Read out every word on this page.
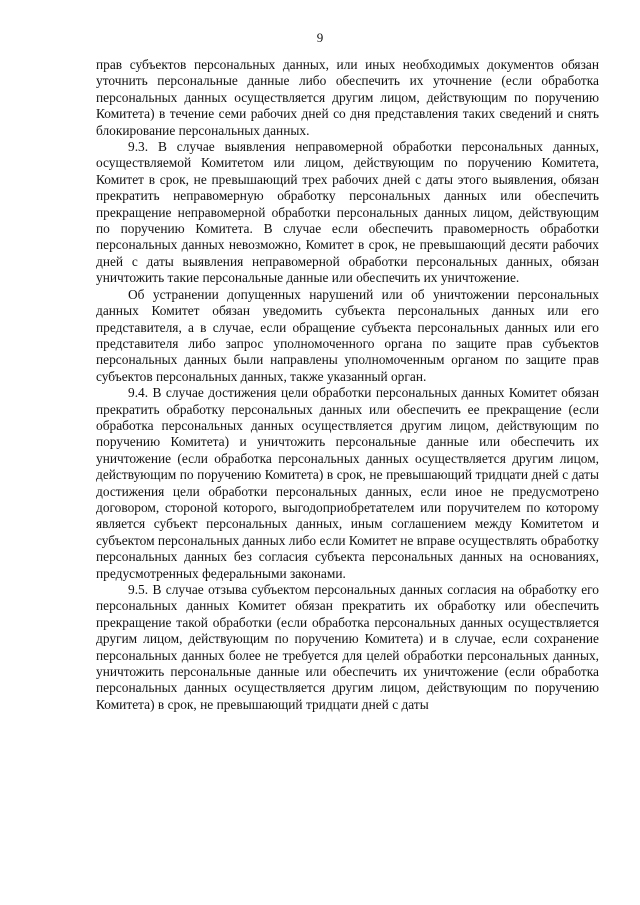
9

прав субъектов персональных данных, или иных необходимых документов обязан уточнить персональные данные либо обеспечить их уточнение (если обработка персональных данных осуществляется другим лицом, действующим по поручению Комитета) в течение семи рабочих дней со дня представления таких сведений и снять блокирование персональных данных.

9.3. В случае выявления неправомерной обработки персональных данных, осуществляемой Комитетом или лицом, действующим по поручению Комитета, Комитет в срок, не превышающий трех рабочих дней с даты этого выявления, обязан прекратить неправомерную обработку персональных данных или обеспечить прекращение неправомерной обработки персональных данных лицом, действующим по поручению Комитета. В случае если обеспечить правомерность обработки персональных данных невозможно, Комитет в срок, не превышающий десяти рабочих дней с даты выявления неправомерной обработки персональных данных, обязан уничтожить такие персональные данные или обеспечить их уничтожение.

Об устранении допущенных нарушений или об уничтожении персональных данных Комитет обязан уведомить субъекта персональных данных или его представителя, а в случае, если обращение субъекта персональных данных или его представителя либо запрос уполномоченного органа по защите прав субъектов персональных данных были направлены уполномоченным органом по защите прав субъектов персональных данных, также указанный орган.

9.4. В случае достижения цели обработки персональных данных Комитет обязан прекратить обработку персональных данных или обеспечить ее прекращение (если обработка персональных данных осуществляется другим лицом, действующим по поручению Комитета) и уничтожить персональные данные или обеспечить их уничтожение (если обработка персональных данных осуществляется другим лицом, действующим по поручению Комитета) в срок, не превышающий тридцати дней с даты достижения цели обработки персональных данных, если иное не предусмотрено договором, стороной которого, выгодоприобретателем или поручителем по которому является субъект персональных данных, иным соглашением между Комитетом и субъектом персональных данных либо если Комитет не вправе осуществлять обработку персональных данных без согласия субъекта персональных данных на основаниях, предусмотренных федеральными законами.

9.5. В случае отзыва субъектом персональных данных согласия на обработку его персональных данных Комитет обязан прекратить их обработку или обеспечить прекращение такой обработки (если обработка персональных данных осуществляется другим лицом, действующим по поручению Комитета) и в случае, если сохранение персональных данных более не требуется для целей обработки персональных данных, уничтожить персональные данные или обеспечить их уничтожение (если обработка персональных данных осуществляется другим лицом, действующим по поручению Комитета) в срок, не превышающий тридцати дней с даты
